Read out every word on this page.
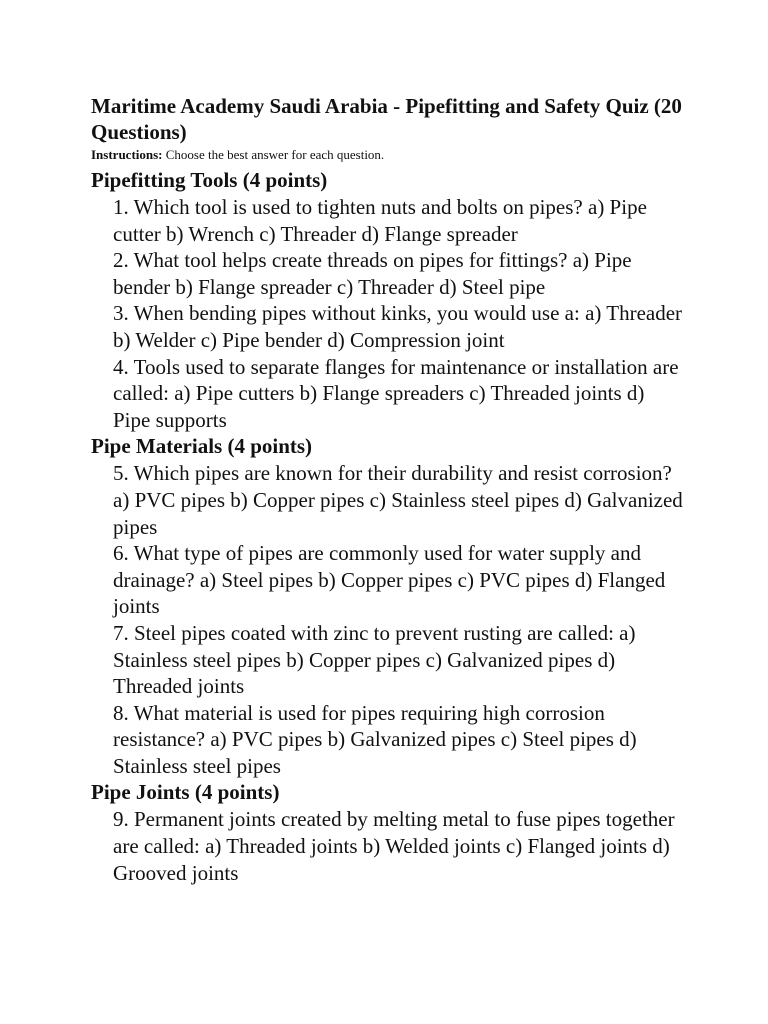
Maritime Academy Saudi Arabia - Pipefitting and Safety Quiz (20 Questions)

Instructions: Choose the best answer for each question.

Pipefitting Tools (4 points)

1. Which tool is used to tighten nuts and bolts on pipes? a) Pipe cutter b) Wrench c) Threader d) Flange spreader

2. What tool helps create threads on pipes for fittings? a) Pipe bender b) Flange spreader c) Threader d) Steel pipe

3. When bending pipes without kinks, you would use a: a) Threader b) Welder c) Pipe bender d) Compression joint

4. Tools used to separate flanges for maintenance or installation are called: a) Pipe cutters b) Flange spreaders c) Threaded joints d) Pipe supports

Pipe Materials (4 points)

5. Which pipes are known for their durability and resist corrosion? a) PVC pipes b) Copper pipes c) Stainless steel pipes d) Galvanized pipes

6. What type of pipes are commonly used for water supply and drainage? a) Steel pipes b) Copper pipes c) PVC pipes d) Flanged joints

7. Steel pipes coated with zinc to prevent rusting are called: a) Stainless steel pipes b) Copper pipes c) Galvanized pipes d) Threaded joints

8. What material is used for pipes requiring high corrosion resistance? a) PVC pipes b) Galvanized pipes c) Steel pipes d) Stainless steel pipes

Pipe Joints (4 points)

9. Permanent joints created by melting metal to fuse pipes together are called: a) Threaded joints b) Welded joints c) Flanged joints d) Grooved joints
